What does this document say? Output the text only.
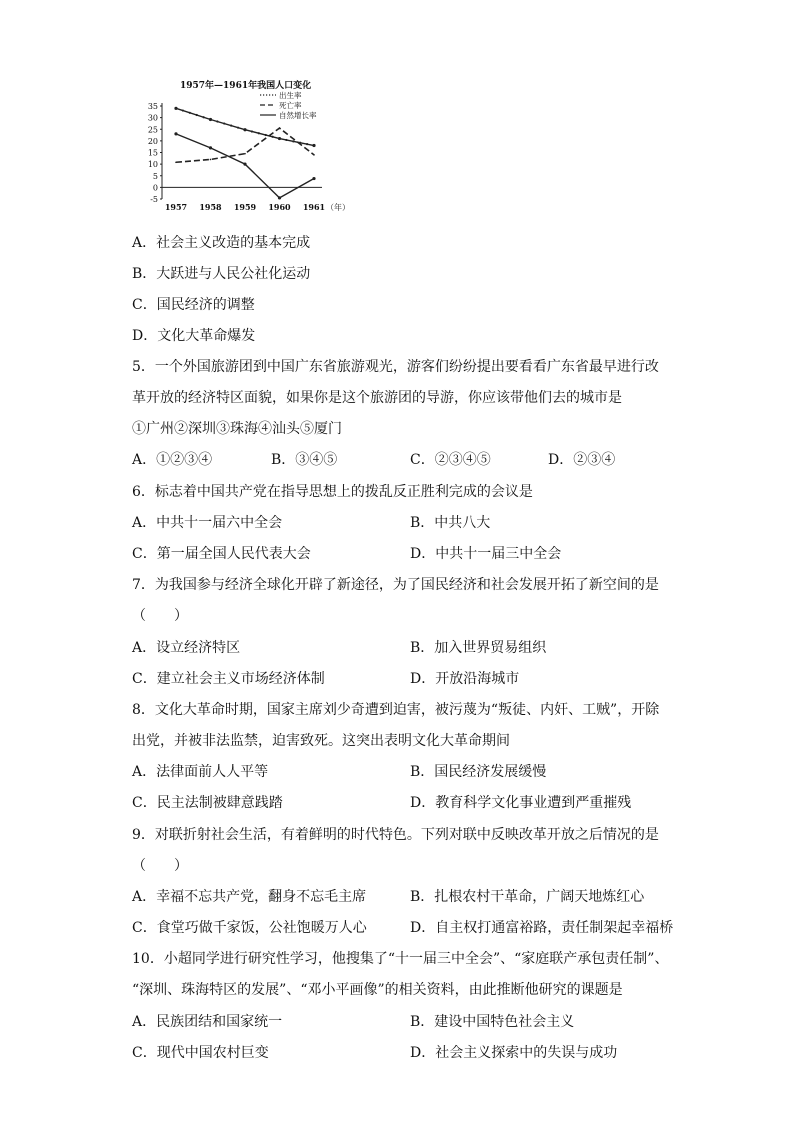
1957年—1961年我国人口变化
35
30
25
20
15
10
5
0
-5
1957 1958 1959 1960 1961 （年）
出生率
死亡率
自然增长率
A．社会主义改造的基本完成
B．大跃进与人民公社化运动
C．国民经济的调整
D．文化大革命爆发
5．一个外国旅游团到中国广东省旅游观光，游客们纷纷提出要看看广东省最早进行改
革开放的经济特区面貌，如果你是这个旅游团的导游，你应该带他们去的城市是
①广州②深圳③珠海④汕头⑤厦门
A．①②③④	B．③④⑤	C．②③④⑤	D．②③④
6．标志着中国共产党在指导思想上的拨乱反正胜利完成的会议是
A．中共十一届六中全会	B．中共八大
C．第一届全国人民代表大会	D．中共十一届三中全会
7．为我国参与经济全球化开辟了新途径，为了国民经济和社会发展开拓了新空间的是
（　　）
A．设立经济特区	B．加入世界贸易组织
C．建立社会主义市场经济体制	D．开放沿海城市
8．文化大革命时期，国家主席刘少奇遭到迫害，被污蔑为“叛徒、内奸、工贼”，开除
出党，并被非法监禁，迫害致死。这突出表明文化大革命期间
A．法律面前人人平等	B．国民经济发展缓慢
C．民主法制被肆意践踏	D．教育科学文化事业遭到严重摧残
9．对联折射社会生活，有着鲜明的时代特色。下列对联中反映改革开放之后情况的是
（　　）
A．幸福不忘共产党，翻身不忘毛主席	B．扎根农村干革命，广阔天地炼红心
C．食堂巧做千家饭，公社饱暖万人心	D．自主权打通富裕路，责任制架起幸福桥
10．小超同学进行研究性学习，他搜集了“十一届三中全会”、“家庭联产承包责任制”、
“深圳、珠海特区的发展”、“邓小平画像”的相关资料，由此推断他研究的课题是
A．民族团结和国家统一	B．建设中国特色社会主义
C．现代中国农村巨变	D．社会主义探索中的失误与成功
